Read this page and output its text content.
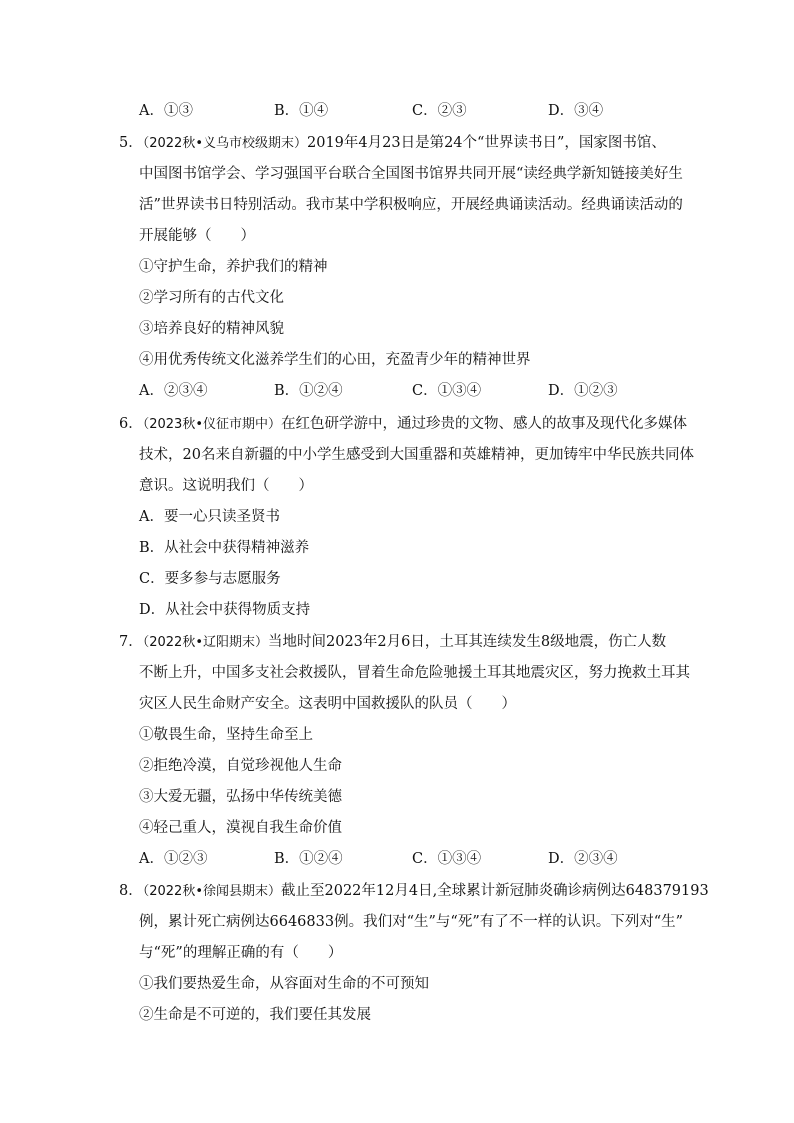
A．①③	B．①④	C．②③	D．③④
5．（2022秋•义乌市校级期末）2019年4月23日是第24个“世界读书日”，国家图书馆、
中国图书馆学会、学习强国平台联合全国图书馆界共同开展“读经典学新知链接美好生
活”世界读书日特别活动。我市某中学积极响应，开展经典诵读活动。经典诵读活动的
开展能够（　　）
①守护生命，养护我们的精神
②学习所有的古代文化
③培养良好的精神风貌
④用优秀传统文化滋养学生们的心田，充盈青少年的精神世界
A．②③④	B．①②④	C．①③④	D．①②③
6．（2023秋•仪征市期中）在红色研学游中，通过珍贵的文物、感人的故事及现代化多媒体
技术，20名来自新疆的中小学生感受到大国重器和英雄精神，更加铸牢中华民族共同体
意识。这说明我们（　　）
A．要一心只读圣贤书
B．从社会中获得精神滋养
C．要多参与志愿服务
D．从社会中获得物质支持
7．（2022秋•辽阳期末）当地时间2023年2月6日，土耳其连续发生8级地震，伤亡人数
不断上升，中国多支社会救援队，冒着生命危险驰援土耳其地震灾区，努力挽救土耳其
灾区人民生命财产安全。这表明中国救援队的队员（　　）
①敬畏生命，坚持生命至上
②拒绝冷漠，自觉珍视他人生命
③大爱无疆，弘扬中华传统美德
④轻己重人，漠视自我生命价值
A．①②③	B．①②④	C．①③④	D．②③④
8．（2022秋•徐闻县期末）截止至2022年12月4日,全球累计新冠肺炎确诊病例达648379193
例，累计死亡病例达6646833例。我们对“生”与“死”有了不一样的认识。下列对“生”
与“死”的理解正确的有（　　）
①我们要热爱生命，从容面对生命的不可预知
②生命是不可逆的，我们要任其发展
